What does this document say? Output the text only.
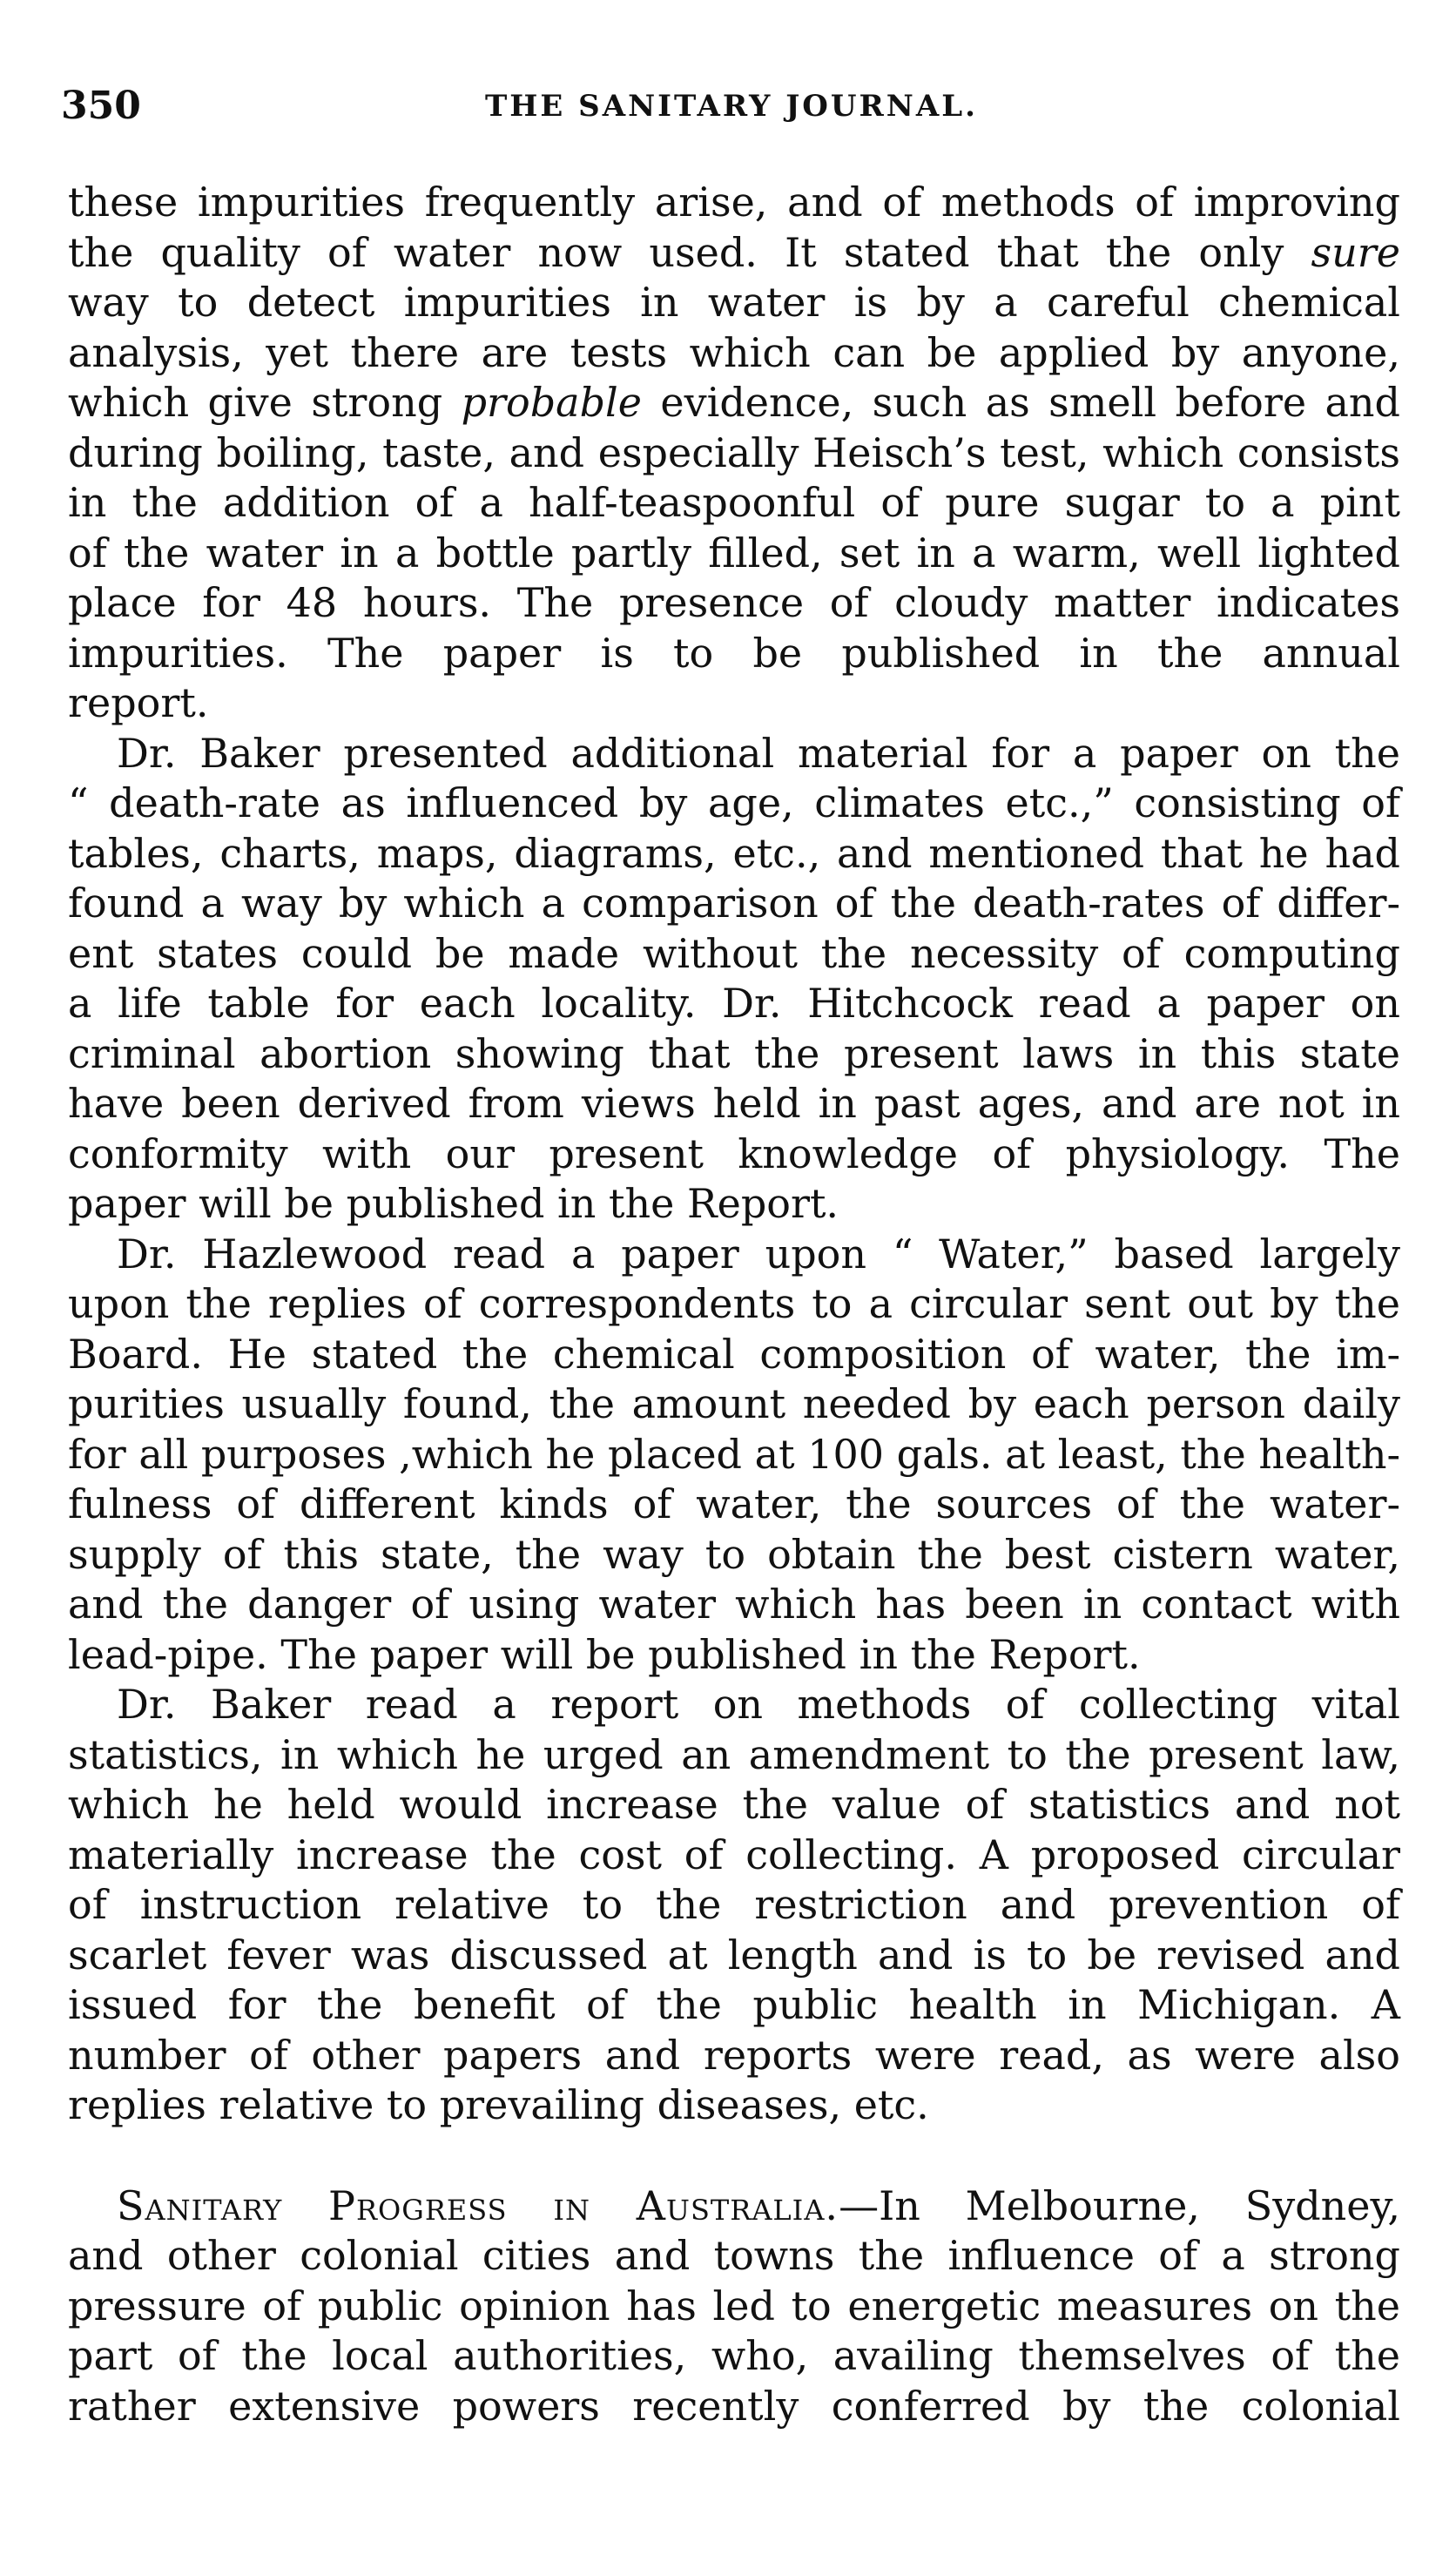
350	THE SANITARY JOURNAL.
these impurities frequently arise, and of methods of improving
the quality of water now used. It stated that the only sure
way to detect impurities in water is by a careful chemical
analysis, yet there are tests which can be applied by anyone,
which give strong probable evidence, such as smell before and
during boiling, taste, and especially Heisch’s test, which consists
in the addition of a half-teaspoonful of pure sugar to a pint
of the water in a bottle partly filled, set in a warm, well lighted
place for 48 hours. The presence of cloudy matter indicates
impurities. The paper is to be published in the annual
report.
Dr. Baker presented additional material for a paper on the
“ death-rate as influenced by age, climates etc.,” consisting of
tables, charts, maps, diagrams, etc., and mentioned that he had
found a way by which a comparison of the death-rates of differ-
ent states could be made without the necessity of computing
a life table for each locality. Dr. Hitchcock read a paper on
criminal abortion showing that the present laws in this state
have been derived from views held in past ages, and are not in
conformity with our present knowledge of physiology. The
paper will be published in the Report.
Dr. Hazlewood read a paper upon “ Water,” based largely
upon the replies of correspondents to a circular sent out by the
Board. He stated the chemical composition of water, the im-
purities usually found, the amount needed by each person daily
for all purposes ,which he placed at 100 gals. at least, the health-
fulness of different kinds of water, the sources of the water-
supply of this state, the way to obtain the best cistern water,
and the danger of using water which has been in contact with
lead-pipe. The paper will be published in the Report.
Dr. Baker read a report on methods of collecting vital
statistics, in which he urged an amendment to the present law,
which he held would increase the value of statistics and not
materially increase the cost of collecting. A proposed circular
of instruction relative to the restriction and prevention of
scarlet fever was discussed at length and is to be revised and
issued for the benefit of the public health in Michigan. A
number of other papers and reports were read, as were also
replies relative to prevailing diseases, etc.
Sanitary Progress in Australia.—In Melbourne, Sydney,
and other colonial cities and towns the influence of a strong
pressure of public opinion has led to energetic measures on the
part of the local authorities, who, availing themselves of the
rather extensive powers recently conferred by the colonial
